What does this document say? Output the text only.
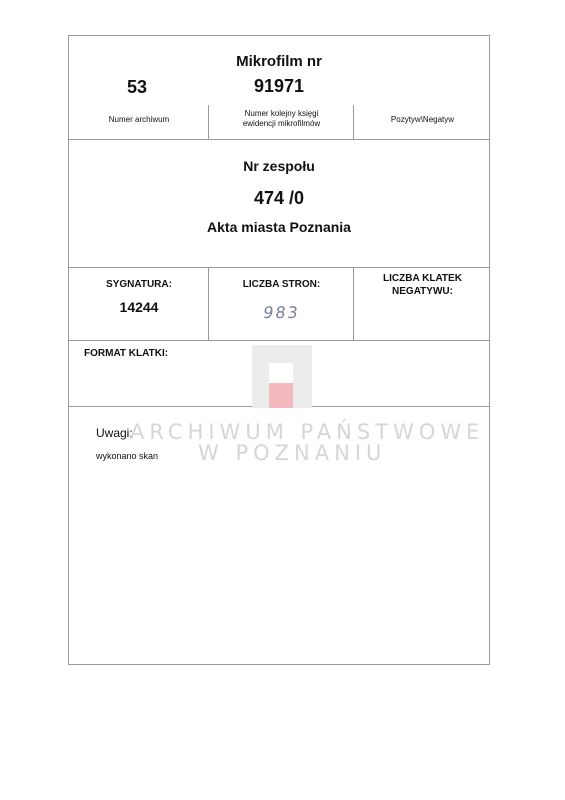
Mikrofilm nr
53	91971
Numer archiwum
Numer kolejny księgi
ewidencji mikrofilmów	Pozytyw\Negatyw
Nr zespołu
474 /0
Akta miasta Poznania
SYGNATURA:
14244
LICZBA STRON:
983
LICZBA KLATEK
NEGATYWU:
FORMAT KLATKI:
Uwagi:
wykonano skan
ARCHIWUM PAŃSTWOWE
W POZNANIU
